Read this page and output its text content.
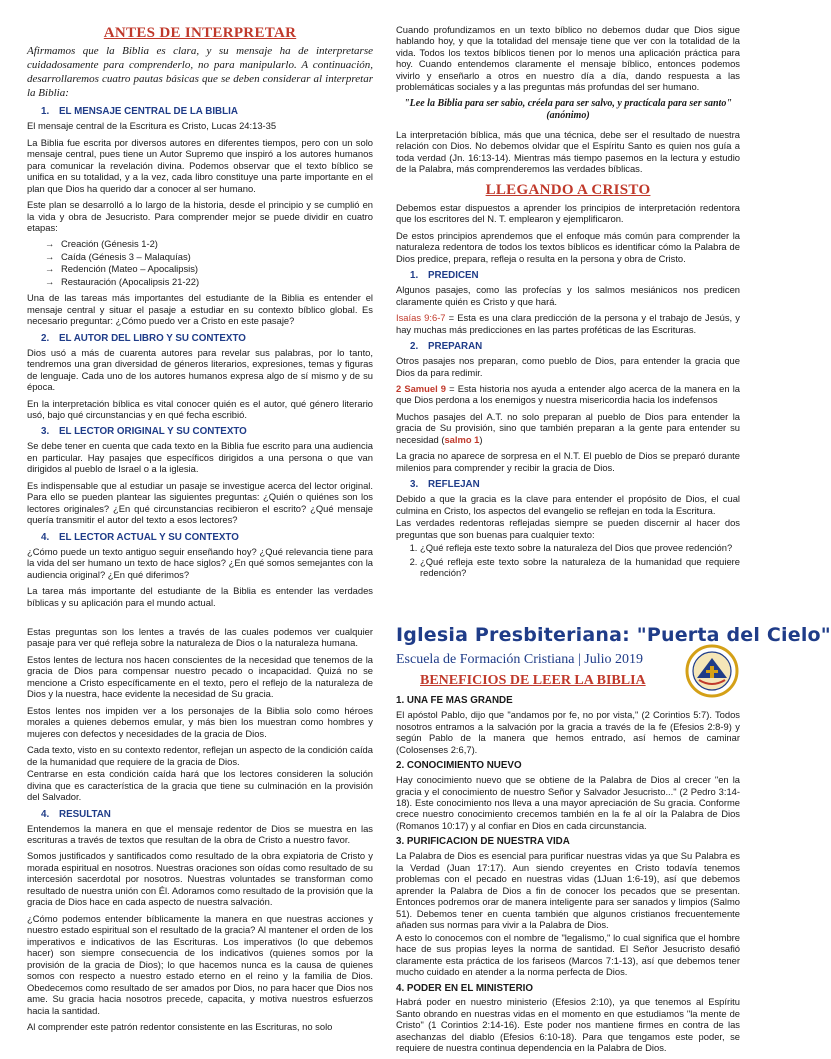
ANTES DE INTERPRETAR

Afirmamos que la Biblia es clara, y su mensaje ha de interpretarse cuidadosamente para comprenderlo, no para manipularlo. A continuación, desarrollaremos cuatro pautas básicas que se deben considerar al interpretar la Biblia:

1. EL MENSAJE CENTRAL DE LA BIBLIA

El mensaje central de la Escritura es Cristo, Lucas 24:13-35

La Biblia fue escrita por diversos autores en diferentes tiempos, pero con un solo mensaje central, pues tiene un Autor Supremo que inspiró a los autores humanos para comunicar la revelación divina. Podemos observar que el texto bíblico se unifica en su totalidad, y a la vez, cada libro constituye una parte importante en el plan que Dios ha querido dar a conocer al ser humano.

Este plan se desarrolló a lo largo de la historia, desde el principio y se cumplió en la vida y obra de Jesucristo. Para comprender mejor se puede dividir en cuatro etapas:

→ Creación (Génesis 1-2)
→ Caída (Génesis 3 – Malaquías)
→ Redención (Mateo – Apocalipsis)
→ Restauración (Apocalipsis 21-22)

Una de las tareas más importantes del estudiante de la Biblia es entender el mensaje central y situar el pasaje a estudiar en su contexto bíblico global. Es necesario preguntar: ¿Cómo puedo ver a Cristo en este pasaje?

2. EL AUTOR DEL LIBRO Y SU CONTEXTO

Dios usó a más de cuarenta autores para revelar sus palabras, por lo tanto, tendremos una gran diversidad de géneros literarios, expresiones, temas y figuras de lenguaje. Cada uno de los autores humanos expresa algo de sí mismo y de su época.

En la interpretación bíblica es vital conocer quién es el autor, qué género literario usó, bajo qué circunstancias y en qué fecha escribió.

3. EL LECTOR ORIGINAL Y SU CONTEXTO

Se debe tener en cuenta que cada texto en la Biblia fue escrito para una audiencia en particular. Hay pasajes que específicos dirigidos a una persona o que van dirigidos al pueblo de Israel o a la iglesia.

Es indispensable que al estudiar un pasaje se investigue acerca del lector original. Para ello se pueden plantear las siguientes preguntas: ¿Quién o quiénes son los lectores originales? ¿En qué circunstancias recibieron el escrito? ¿Qué mensaje quería transmitir el autor del texto a esos lectores?

4. EL LECTOR ACTUAL Y SU CONTEXTO

¿Cómo puede un texto antiguo seguir enseñando hoy? ¿Qué relevancia tiene para la vida del ser humano un texto de hace siglos? ¿En qué somos semejantes con la audiencia original? ¿En qué diferimos?

La tarea más importante del estudiante de la Biblia es entender las verdades bíblicas y su aplicación para el mundo actual.

Cuando profundizamos en un texto bíblico no debemos dudar que Dios sigue hablando hoy, y que la totalidad del mensaje tiene que ver con la totalidad de la vida. Todos los textos bíblicos tienen por lo menos una aplicación práctica para hoy. Cuando entendemos claramente el mensaje bíblico, entonces podemos vivirlo y enseñarlo a otros en nuestro día a día, dando respuesta a las problemáticas sociales y a las preguntas más profundas del ser humano.

"Lee la Biblia para ser sabio, créela para ser salvo, y practícala para ser santo"
(anónimo)

La interpretación bíblica, más que una técnica, debe ser el resultado de nuestra relación con Dios. No debemos olvidar que el Espíritu Santo es quien nos guía a toda verdad (Jn. 16:13-14). Mientras más tiempo pasemos en la lectura y estudio de la Palabra, más comprenderemos las verdades bíblicas.

LLEGANDO A CRISTO

Debemos estar dispuestos a aprender los principios de interpretación redentora que los escritores del N. T. emplearon y ejemplificaron.

De estos principios aprendemos que el enfoque más común para comprender la naturaleza redentora de todos los textos bíblicos es identificar cómo la Palabra de Dios predice, prepara, refleja o resulta en la persona y obra de Cristo.

1. PREDICEN

Algunos pasajes, como las profecías y los salmos mesiánicos nos predicen claramente quién es Cristo y que hará.

Isaías 9:6-7 = Esta es una clara predicción de la persona y el trabajo de Jesús, y hay muchas más predicciones en las partes proféticas de las Escrituras.

2. PREPARAN

Otros pasajes nos preparan, como pueblo de Dios, para entender la gracia que Dios da para redimir.

2 Samuel 9 = Esta historia nos ayuda a entender algo acerca de la manera en la que Dios perdona a los enemigos y nuestra misericordia hacia los indefensos

Muchos pasajes del A.T. no solo preparan al pueblo de Dios para entender la gracia de Su provisión, sino que también preparan a la gente para entender su necesidad (salmo 1)

La gracia no aparece de sorpresa en el N.T. El pueblo de Dios se preparó durante milenios para comprender y recibir la gracia de Dios.

3. REFLEJAN

Debido a que la gracia es la clave para entender el propósito de Dios, el cual culmina en Cristo, los aspectos del evangelio se reflejan en toda la Escritura.

Las verdades redentoras reflejadas siempre se pueden discernir al hacer dos preguntas que son buenas para cualquier texto:

1. ¿Qué refleja este texto sobre la naturaleza del Dios que provee redención?
2. ¿Qué refleja este texto sobre la naturaleza de la humanidad que requiere redención?

Estas preguntas son los lentes a través de las cuales podemos ver cualquier pasaje para ver qué refleja sobre la naturaleza de Dios o la naturaleza humana.

Estos lentes de lectura nos hacen conscientes de la necesidad que tenemos de la gracia de Dios para compensar nuestro pecado o incapacidad. Quizá no se mencione a Cristo específicamente en el texto, pero el reflejo de la naturaleza de Dios y la nuestra, hace evidente la necesidad de Su gracia.

Estos lentes nos impiden ver a los personajes de la Biblia solo como héroes morales a quienes debemos emular, y más bien los muestran como hombres y mujeres con defectos y necesidades de la gracia de Dios.

Cada texto, visto en su contexto redentor, reflejan un aspecto de la condición caída de la humanidad que requiere de la gracia de Dios.

Centrarse en esta condición caída hará que los lectores consideren la solución divina que es característica de la gracia que tiene su culminación en la provisión del Salvador.

4. RESULTAN

Entendemos la manera en que el mensaje redentor de Dios se muestra en las escrituras a través de textos que resultan de la obra de Cristo a nuestro favor.

Somos justificados y santificados como resultado de la obra expiatoria de Cristo y morada espiritual en nosotros. Nuestras oraciones son oídas como resultado de su intercesión sacerdotal por nosotros. Nuestras voluntades se transforman como resultado de nuestra unión con Él. Adoramos como resultado de la provisión que la gracia de Dios hace en cada aspecto de nuestra salvación.

¿Cómo podemos entender bíblicamente la manera en que nuestras acciones y nuestro estado espiritual son el resultado de la gracia? Al mantener el orden de los imperativos e indicativos de las Escrituras. Los imperativos (lo que debemos hacer) son siempre consecuencia de los indicativos (quienes somos por la provisión de la gracia de Dios); lo que hacemos nunca es la causa de quienes somos con respecto a nuestro estado eterno en el reino y la familia de Dios. Obedecemos como resultado de ser amados por Dios, no para hacer que Dios nos ame. Su gracia hacia nosotros precede, capacita, y motiva nuestros esfuerzos hacia la santidad.

Al comprender este patrón redentor consistente en las Escrituras, no solo

Iglesia Presbiteriana: "Puerta del Cielo"
Escuela de Formación Cristiana | Julio 2019
BENEFICIOS DE LEER LA BIBLIA
1. UNA FE MAS GRANDE

El apóstol Pablo, dijo que "andamos por fe, no por vista," (2 Corintios 5:7). Todos nosotros entramos a la salvación por la gracia a través de la fe (Efesios 2:8-9) y según Pablo de la manera que hemos entrado, así hemos de caminar (Colosenses 2:6,7).

2. CONOCIMIENTO NUEVO

Hay conocimiento nuevo que se obtiene de la Palabra de Dios al crecer "en la gracia y el conocimiento de nuestro Señor y Salvador Jesucristo..." (2 Pedro 3:14-18). Este conocimiento nos lleva a una mayor apreciación de Su gracia. Conforme crece nuestro conocimiento crecemos también en la fe al oír la Palabra de Dios (Romanos 10:17) y al confiar en Dios en cada circunstancia.

3. PURIFICACION DE NUESTRA VIDA

La Palabra de Dios es esencial para purificar nuestras vidas ya que Su Palabra es la Verdad (Juan 17:17). Aun siendo creyentes en Cristo todavía tenemos problemas con el pecado en nuestras vidas (1Juan 1:6-19), así que debemos aprender la Palabra de Dios a fin de conocer los pecados que se presentan. Entonces podremos orar de manera inteligente para ser sanados y limpios (Salmo 51). Debemos tener en cuenta también que algunos cristianos frecuentemente añaden sus normas para vivir a la Palabra de Dios.

A esto lo conocemos con el nombre de "legalismo," lo cual significa que el hombre hace de sus propias leyes la norma de santidad. El Señor Jesucristo desafió claramente esta práctica de los fariseos (Marcos 7:1-13), así que debemos tener mucho cuidado en atender a la norma perfecta de Dios.

4. PODER EN EL MINISTERIO

Habrá poder en nuestro ministerio (Efesios 2:10), ya que tenemos al Espíritu Santo obrando en nuestras vidas en el momento en que estudiamos "la mente de Cristo" (1 Corintios 2:14-16). Este poder nos mantiene firmes en contra de las asechanzas del diablo (Efesios 6:10-18). Para que tengamos este poder, se requiere de nuestra continua dependencia en la Palabra de Dios.
